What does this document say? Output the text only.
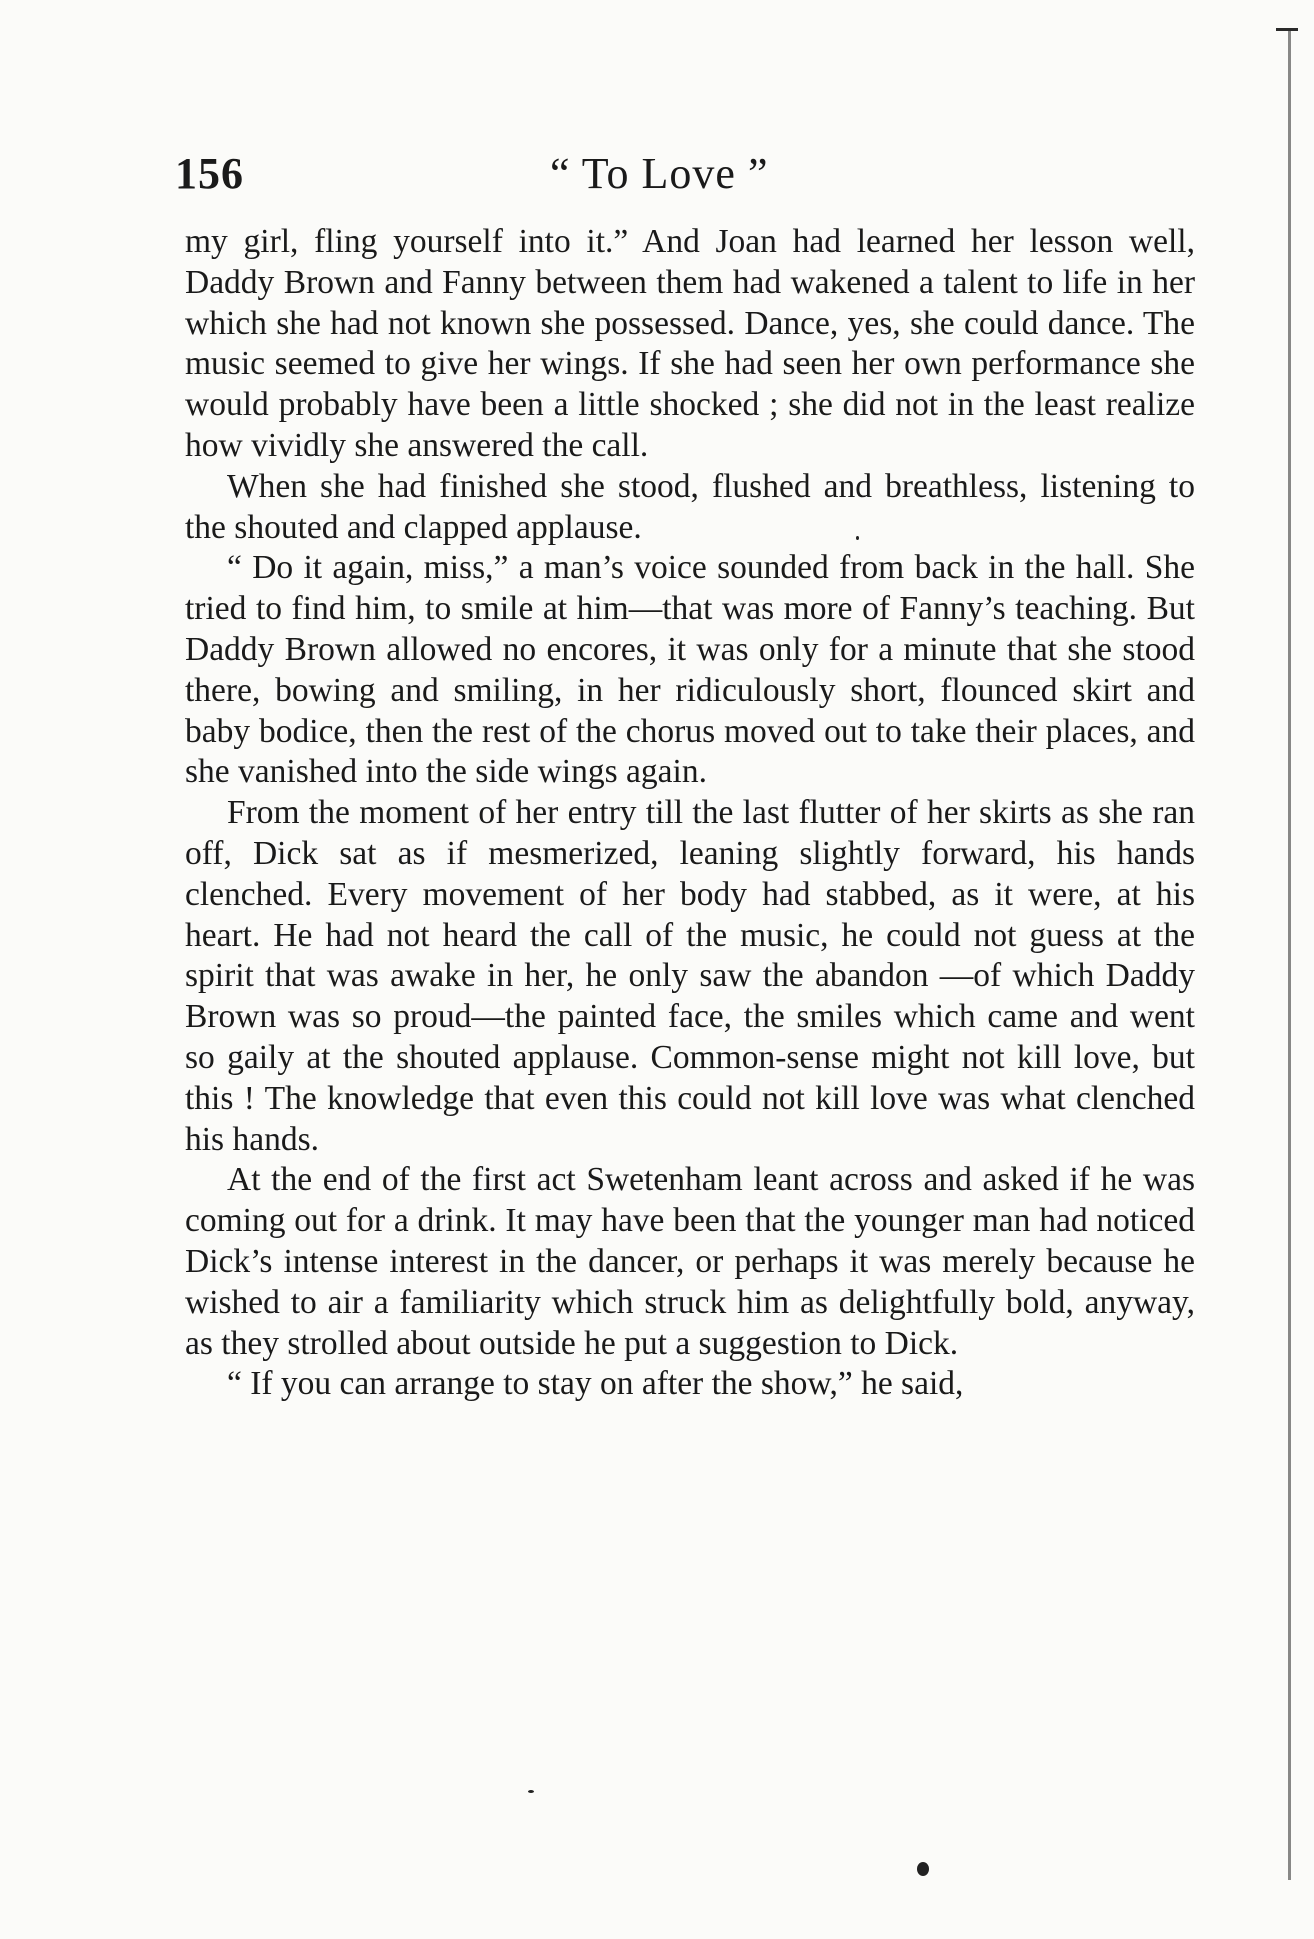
156	“ To Love ”

my girl, fling yourself into it.” And Joan had learned her lesson well, Daddy Brown and Fanny between them had wakened a talent to life in her which she had not known she possessed. Dance, yes, she could dance. The music seemed to give her wings. If she had seen her own performance she would probably have been a little shocked ; she did not in the least realize how vividly she answered the call.

When she had finished she stood, flushed and breathless, listening to the shouted and clapped applause.

“ Do it again, miss,” a man’s voice sounded from back in the hall. She tried to find him, to smile at him—that was more of Fanny’s teaching. But Daddy Brown allowed no encores, it was only for a minute that she stood there, bowing and smiling, in her ridiculously short, flounced skirt and baby bodice, then the rest of the chorus moved out to take their places, and she vanished into the side wings again.

From the moment of her entry till the last flutter of her skirts as she ran off, Dick sat as if mesmerized, leaning slightly forward, his hands clenched. Every movement of her body had stabbed, as it were, at his heart. He had not heard the call of the music, he could not guess at the spirit that was awake in her, he only saw the abandon —of which Daddy Brown was so proud—the painted face, the smiles which came and went so gaily at the shouted applause. Common-sense might not kill love, but this ! The knowledge that even this could not kill love was what clenched his hands.

At the end of the first act Swetenham leant across and asked if he was coming out for a drink. It may have been that the younger man had noticed Dick’s intense interest in the dancer, or perhaps it was merely because he wished to air a familiarity which struck him as delightfully bold, anyway, as they strolled about outside he put a suggestion to Dick.

“ If you can arrange to stay on after the show,” he said,
